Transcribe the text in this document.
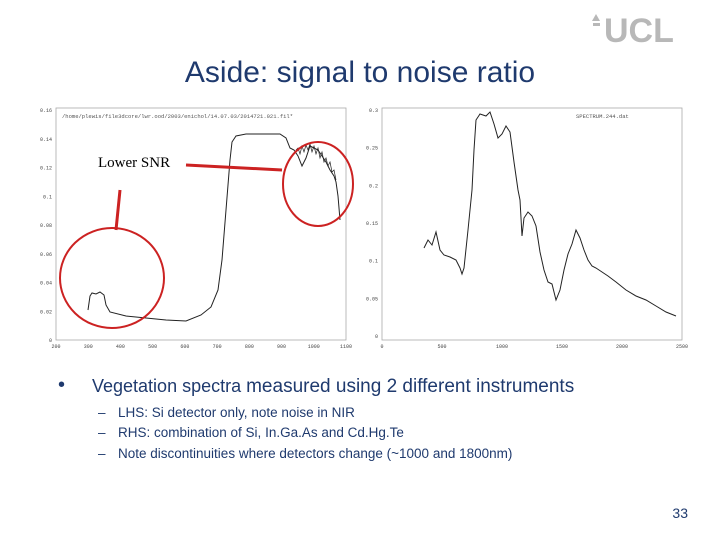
UCL
Aside: signal to noise ratio
/home/plewis/file3dcore/lwr.ood/2003/enichol/14.07.03/2014721.021.fil*
0.16
0.14
0.12
0.1
0.08
0.06
0.04
0.02
0
200	300	400	500	600	700	800	900	1000	1100
SPECTRUM.244.dat
0.3
0.25
0.2
0.15
0.1
0.05
0
0	500	1000	1500	2000	2500
Lower SNR
• Vegetation spectra measured using 2 different instruments
– LHS: Si detector only, note noise in NIR
– RHS: combination of Si, In.Ga.As and Cd.Hg.Te
– Note discontinuities where detectors change (~1000 and 1800nm)
33
